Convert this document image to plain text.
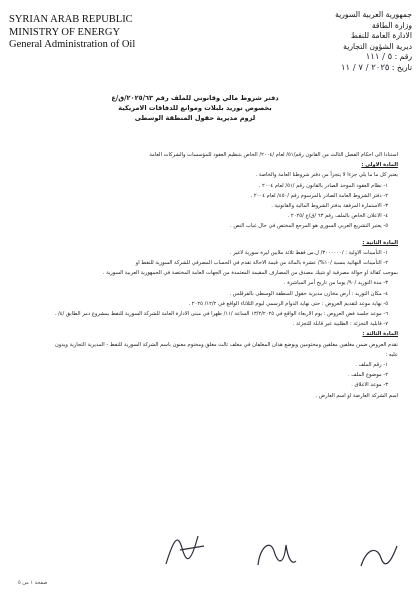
SYRIAN ARAB REPUBLIC
MINISTRY OF ENERGY
General Administration of Oil
جمهورية العربية السورية
وزارة الطاقة
الادارة العامة للنفط
ديرية الشؤون التجارية
رقم : ٥ / ١١١
تاريخ : ٢٠٢٥ / ٧ / ١١
دفتر شروط مالي وقانوني للملف رقم ٢٠٢٥/٦٣/ق/ع
بخصوص توريد بلبلات وموانع للدفاقات الامريكية
لزوم مديرية حقول المنطقة الوسطى
استنادا الى احكام الفصل الثالث من القانون رقم/٥١/ لعام /٢٠٠٤/ الخاص بتنظيم العقود للمؤسسات والشركات العامة
المادة الاولى :
يعتبر كل ما ما يلي جزءا لا يتجزأ من دفتر شروطنا العامة والخاصة .
١- نظام العقود الموحد الصادر بالقانون رقم /٥١/ لعام ٢٠٠٤ .
٢- دفتر الشروط العامة الصادر بالمرسوم رقم /٤٥٠/ لعام ٢٠٠٤ .
٣- الاستمارة المرفقة بدفتر الشروط المالية والقانونية .
٤- الاعلان الخاص بالملف رقم ٦٣ /ق/ع /٢٠٢٥ .
٥- يعتبر التشريع العربي السوري هو المرجع المختص في حال غياب النص .
المادة الثانية :
١- التأمينات الاولية : /٣٠٠٠٠٠٠/ ل.س فقط ثلاثة ملايين ليرة سورية لاغير .
٢- التأمينات النهائية بنسبة /١٠%/ عشرة بالمائة من قيمة الاحالة تقدم في الحساب المصرفي للشركة السورية للنفط او
بموجب كفالة او حوالة مصرفية او شيك مصدق من المصارف المقيمة المعتمدة من الجهات العامة المختصة في الجمهورية العربية السورية .
٣- مدة التوريد /٩٠/ يوما من تاريخ أمر المباشرة .
٤- مكان التوريد : أرض مخازن مديرية حقول المنطقة الوسطى بالفرقلس .
٥- نهاية موعد لتقديم العروض : حتى نهاية الدوام الرسمي ليوم الثلاثاء الواقع في ١٢/٢/ ٢٠٢٥ .
٦- موعد جلسة فض العروض : يوم الاربعاء الواقع في ١٣/٢/٢٠٢٥ الساعة /١١/ ظهرا في مبنى الادارة العامة للشركة السورية للنفط بمشروع دمر الطابق /٤/ .
٧- قابلية التجزئة : الطلبية غير قابلة للتجزئة .
المادة الثالثة :
تقدم العروض ضمن مغلفين مغلقين ومختومين ويوضع هذان المغلفان في مغلف ثالث مغلق ومختوم معنون باسم الشركة السورية للنفط - المديرية التجارية ويدون
عليه :
١- رقم الملف .
٢- موضوع الملف .
٣- موعد الاغلاق .
اسم الشركة العارضة او اسم العارض .
صفحة ١ من ٥
